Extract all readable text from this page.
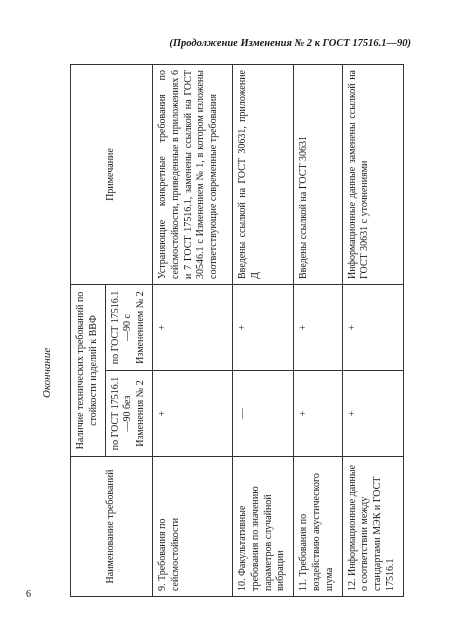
(Продолжение Изменения № 2 к ГОСТ 17516.1—90)
6
Окончание
Наименование требований	Наличие технических требований по стойкости изделий к ВВФ		Примечание
	по ГОСТ 17516.1—90 без Изменения № 2	по ГОСТ 17516.1—90 с Изменением № 2	
9. Требования по сейсмостойкости	+	+	Устраняющие конкретные требования по сейсмостойкости, приведенные в приложениях 6 и 7 ГОСТ 17516.1, заменены ссылкой на ГОСТ 30546.1 с Изменением № 1, в котором изложены соответствующие современные требования
10. Факультативные требования по значению параметров случайной вибрации	—	+	Введены ссылкой на ГОСТ 30631, приложение Д
11. Требования по воздействию акустического шума	+	+	Введены ссылкой на ГОСТ 30631
12. Информационные данные о соответствии между стандартами МЭК и ГОСТ 17516.1	+	+	Информационные данные заменены ссылкой на ГОСТ 30631 с уточнениями
